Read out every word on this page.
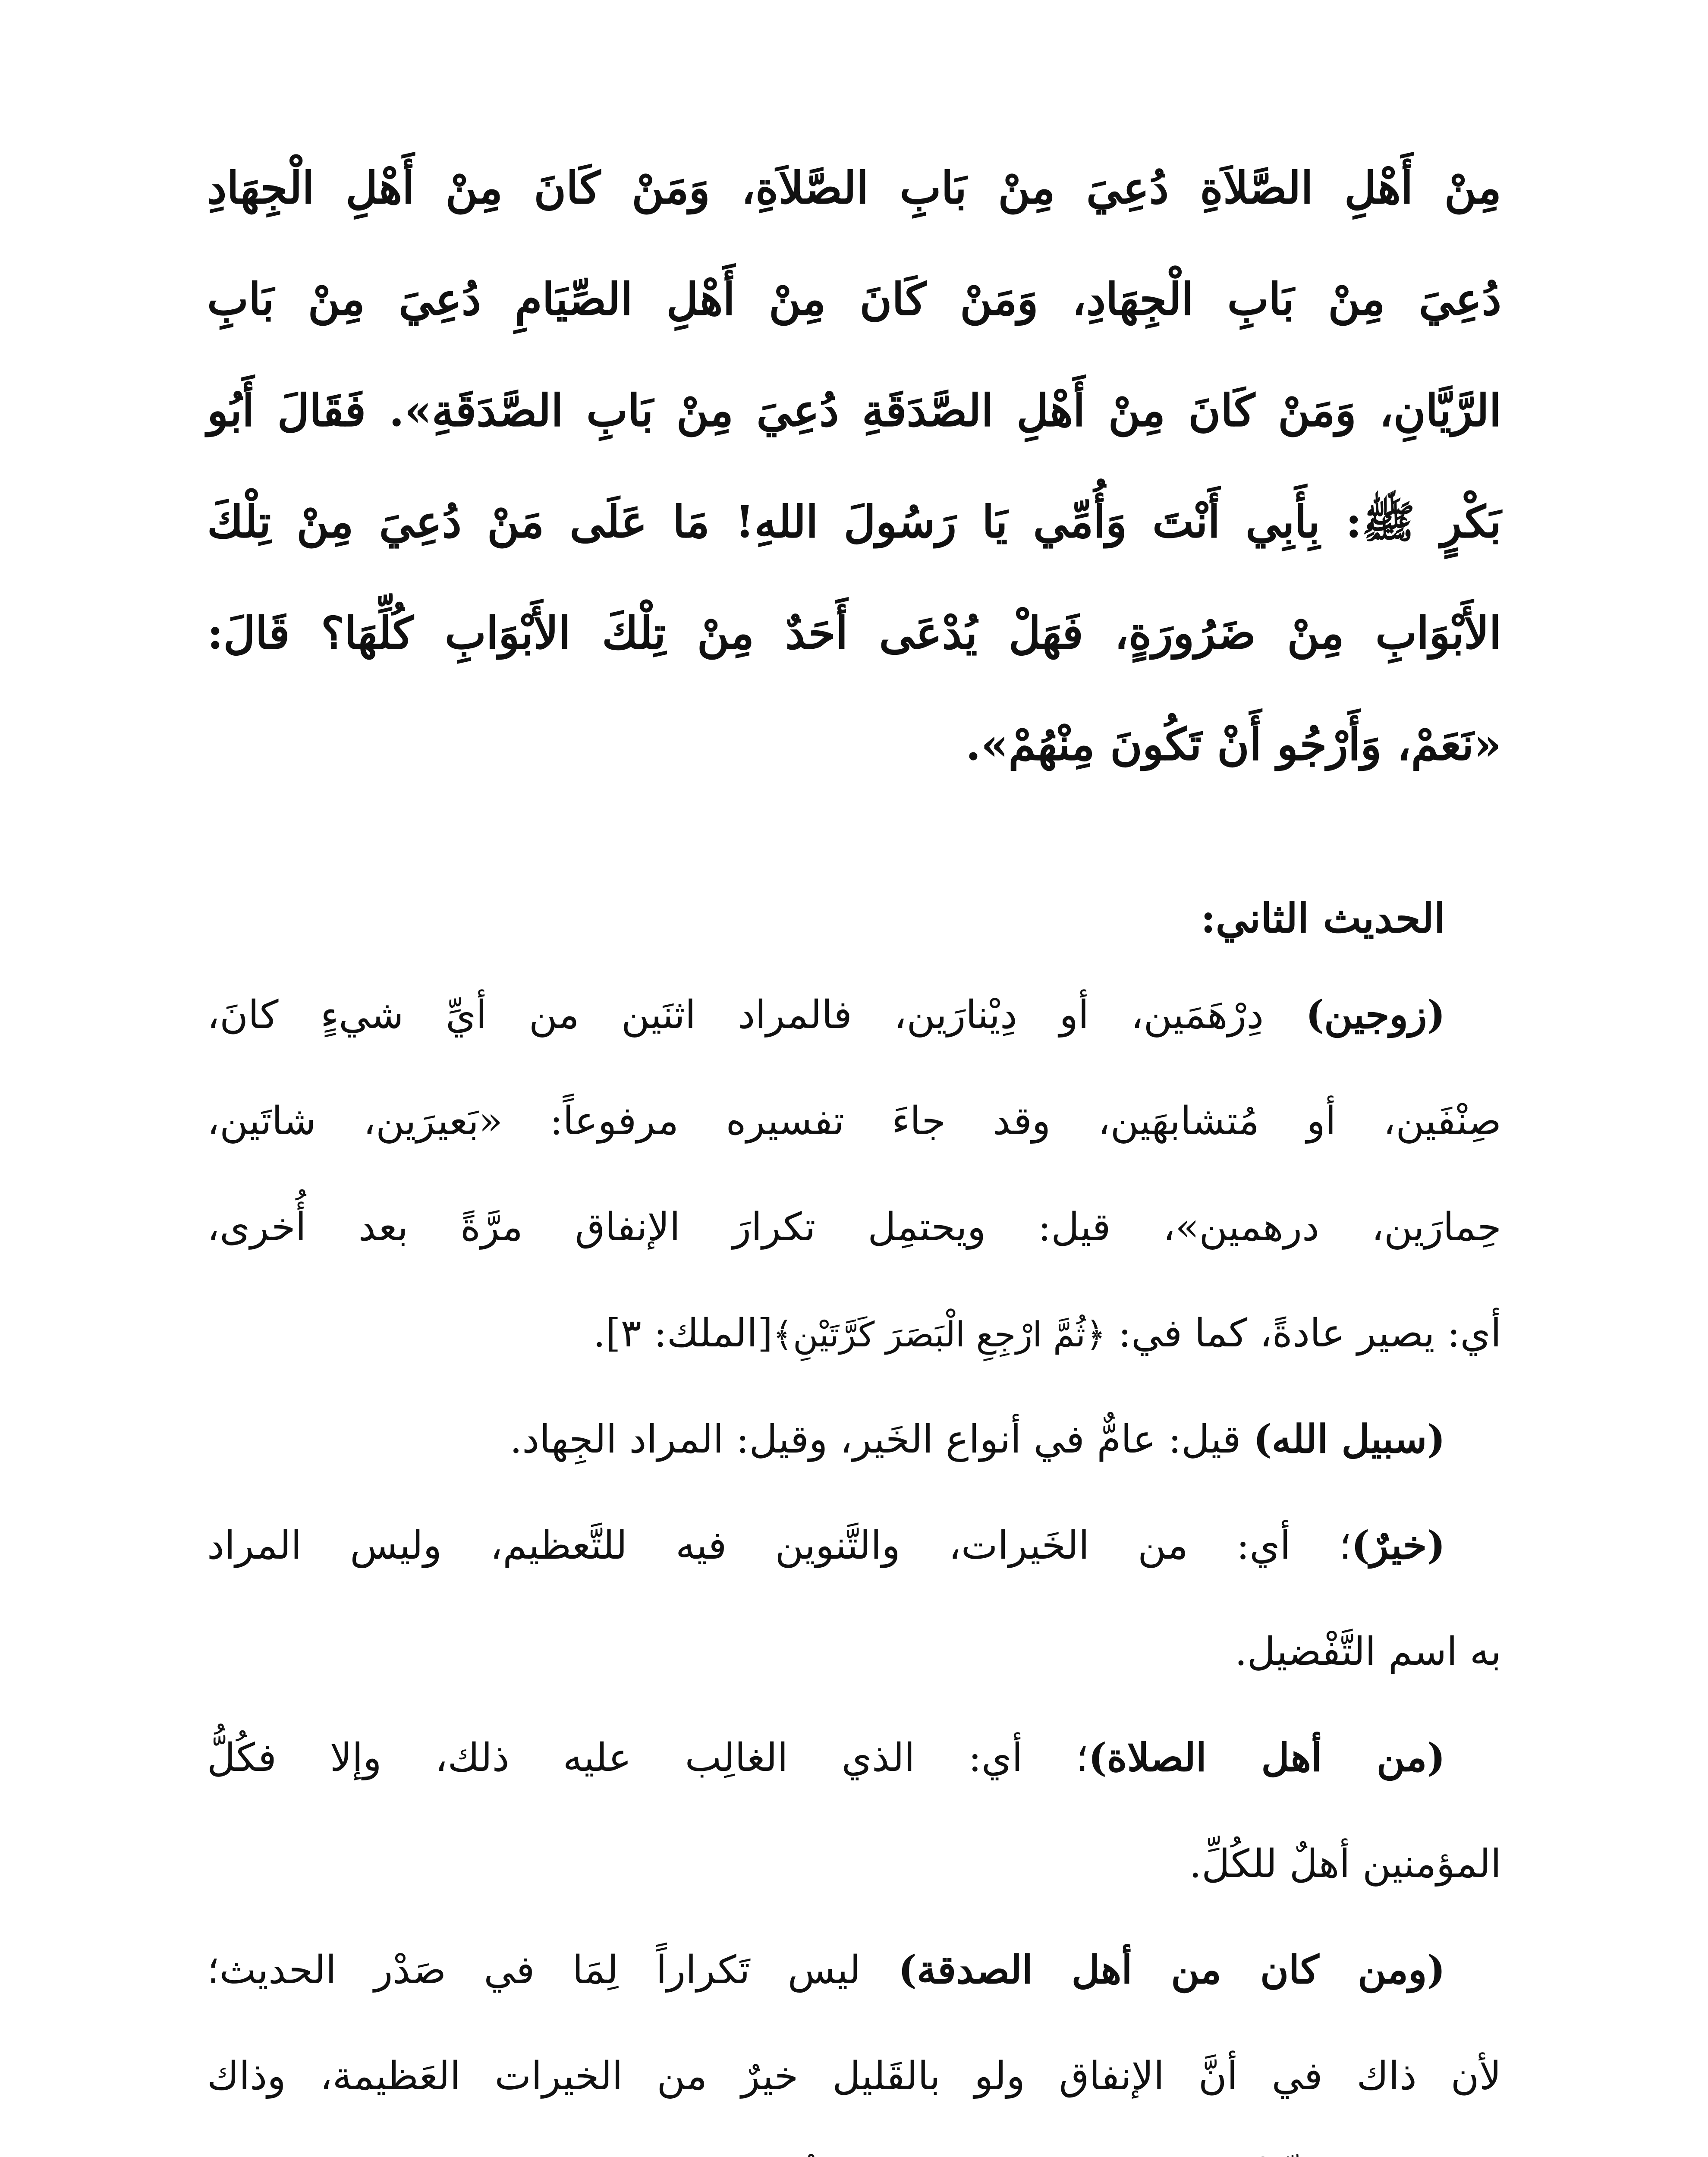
مِنْ أَهْلِ الصَّلاَةِ دُعِيَ مِنْ بَابِ الصَّلاَةِ، وَمَنْ كَانَ مِنْ أَهْلِ الْجِهَادِ
دُعِيَ مِنْ بَابِ الْجِهَادِ، وَمَنْ كَانَ مِنْ أَهْلِ الصِّيَامِ دُعِيَ مِنْ بَابِ
الرَّيَّانِ، وَمَنْ كَانَ مِنْ أَهْلِ الصَّدَقَةِ دُعِيَ مِنْ بَابِ الصَّدَقَةِ». فَقَالَ أَبُو
بَكْرٍ ﷺ: بِأَبِي أَنْتَ وَأُمِّي يَا رَسُولَ اللهِ! مَا عَلَى مَنْ دُعِيَ مِنْ تِلْكَ
الأَبْوَابِ مِنْ ضَرُورَةٍ، فَهَلْ يُدْعَى أَحَدٌ مِنْ تِلْكَ الأَبْوَابِ كُلِّهَا؟ قَالَ:
«نَعَمْ، وَأَرْجُو أَنْ تَكُونَ مِنْهُمْ».
الحديث الثاني:
(زوجين) دِرْهَمَين، أو دِيْنارَين، فالمراد اثنَين من أيِّ شيءٍ كانَ،
صِنْفَين، أو مُتشابهَين، وقد جاءَ تفسيره مرفوعاً: «بَعيرَين، شاتَين،
حِمارَين، درهمين»، قيل: ويحتمِل تكرارَ الإنفاق مرَّةً بعد أُخرى،
أي: يصير عادةً، كما في: ﴿ثُمَّ ارْجِعِ الْبَصَرَ كَرَّتَيْنِ﴾[الملك: ٣].
(سبيل الله) قيل: عامٌّ في أنواع الخَير، وقيل: المراد الجِهاد.
(خيرٌ)؛ أي: من الخَيرات، والتَّنوين فيه للتَّعظيم، وليس المراد
به اسم التَّفْضيل.
(من أهل الصلاة)؛ أي: الذي الغالِب عليه ذلك، وإلا فكُلُّ
المؤمنين أهلٌ للكُلِّ.
(ومن كان من أهل الصدقة) ليس تَكراراً لِمَا في صَدْر الحديث؛
لأن ذاك في أنَّ الإنفاق ولو بالقَليل خيرٌ من الخيرات العَظيمة، وذاك
